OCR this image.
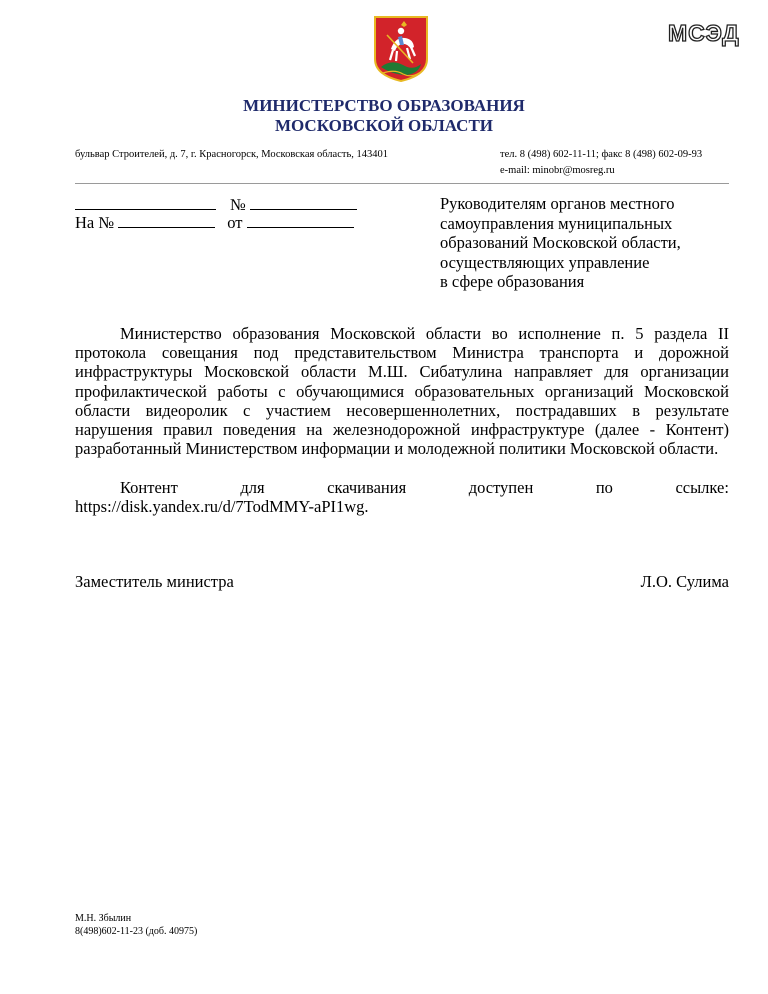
МСЭД
МИНИСТЕРСТВО ОБРАЗОВАНИЯ
МОСКОВСКОЙ ОБЛАСТИ
бульвар Строителей, д. 7, г. Красногорск, Московская область, 143401	тел. 8 (498) 602-11-11; факс 8 (498) 602-09-93
e-mail: minobr@mosreg.ru
№
На №	от
Руководителям органов местного
самоуправления муниципальных
образований Московской области,
осуществляющих управление
в сфере образования
Министерство образования Московской области во исполнение п. 5 раздела II протокола совещания под представительством Министра транспорта и дорожной инфраструктуры Московской области М.Ш. Сибатулина направляет для организации профилактической работы с обучающимися образовательных организаций Московской области видеоролик с участием несовершеннолетних, пострадавших в результате нарушения правил поведения на железнодорожной инфраструктуре (далее - Контент) разработанный Министерством информации и молодежной политики Московской области.
Контент	для	скачивания	доступен	по	ссылке:
https://disk.yandex.ru/d/7TodMMY-aPI1wg.
Заместитель министра	Л.О. Сулима
М.Н. Збылин
8(498)602-11-23 (доб. 40975)
